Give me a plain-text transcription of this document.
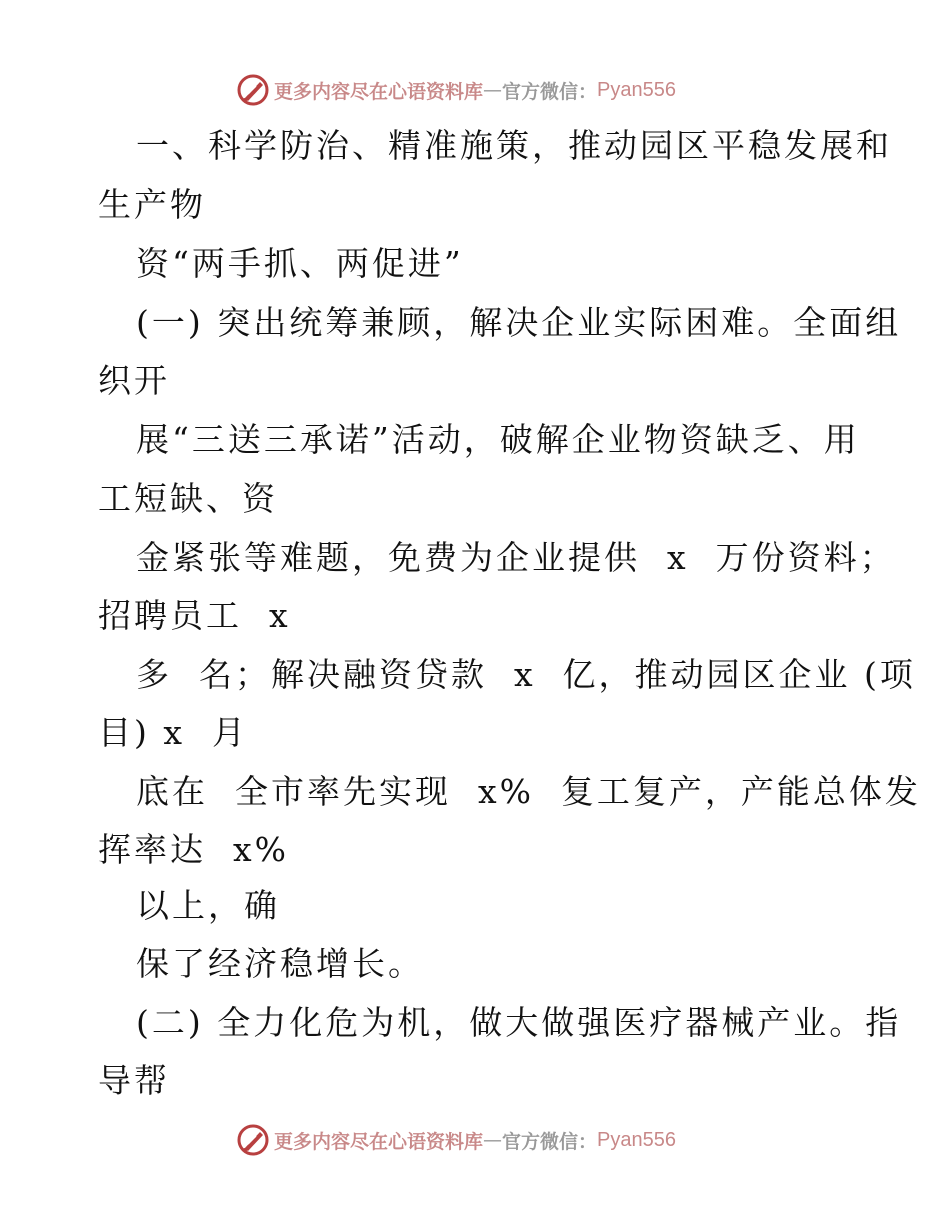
更多内容尽在心语资料库 — 官方微信： Pyan556
一、科学防治、精准施策，推动园区平稳发展和
生产物
资“两手抓、两促进”
(一) 突出统筹兼顾，解决企业实际困难。全面组
织开
展“三送三承诺”活动，破解企业物资缺乏、用
工短缺、资
金紧张等难题，免费为企业提供  x  万份资料；
招聘员工  x
多  名；解决融资贷款  x  亿，推动园区企业 (项
目) x  月
底在  全市率先实现  x%  复工复产，产能总体发
挥率达  x%
以上，确
保了经济稳增长。
(二) 全力化危为机，做大做强医疗器械产业。指
导帮
更多内容尽在心语资料库 — 官方微信： Pyan556
